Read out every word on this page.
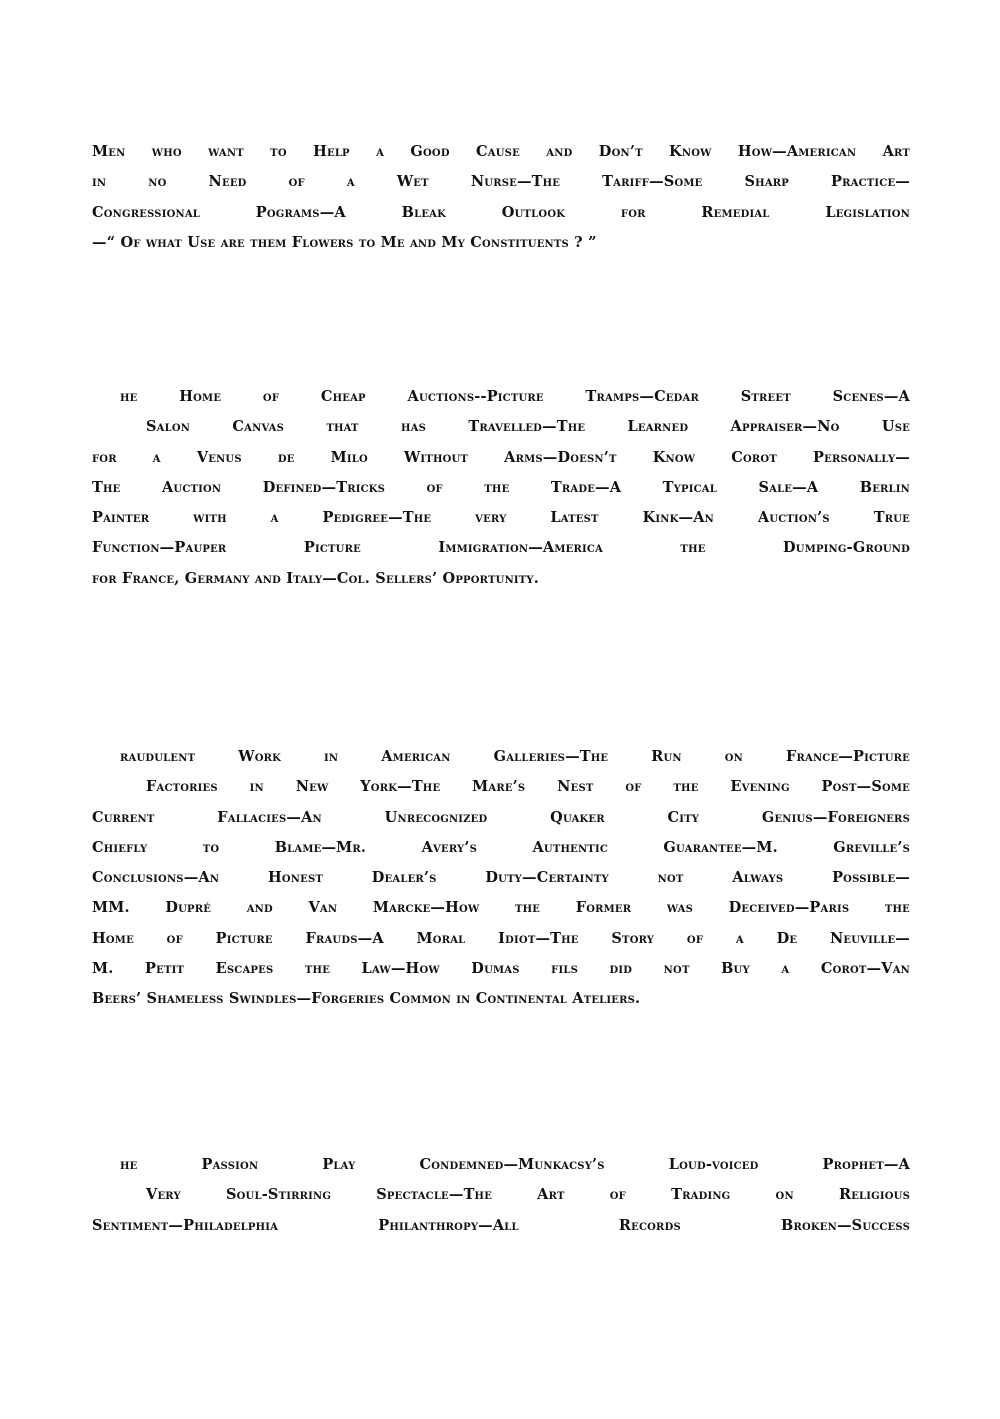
Men who want to Help a Good Cause and Don’t Know How—American Art
in no Need of a Wet Nurse—The Tariff—Some Sharp Practice—
Congressional Pograms—A Bleak Outlook for Remedial Legislation
—“ Of what Use are them Flowers to Me and My Constituents ? ”
he Home of Cheap Auctions--Picture Tramps—Cedar Street Scenes—A
Salon Canvas that has Travelled—The Learned Appraiser—No Use
for a Venus de Milo Without Arms—Doesn’t Know Corot Personally—
The Auction Defined—Tricks of the Trade—A Typical Sale—A Berlin
Painter with a Pedigree—The very Latest Kink—An Auction’s True
Function—Pauper Picture Immigration—America the Dumping-Ground
for France, Germany and Italy—Col. Sellers’ Opportunity.
raudulent Work in American Galleries—The Run on France—Picture
Factories in New York—The Mare’s Nest of the Evening Post—Some
Current Fallacies—An Unrecognized Quaker City Genius—Foreigners
Chiefly to Blame—Mr. Avery’s Authentic Guarantee—M. Greville’s
Conclusions—An Honest Dealer’s Duty—Certainty not Always Possible—
MM. Dupré and Van Marcke—How the Former was Deceived—Paris the
Home of Picture Frauds—A Moral Idiot—The Story of a De Neuville—
M. Petit Escapes the Law—How Dumas fils did not Buy a Corot—Van
Beers’ Shameless Swindles—Forgeries Common in Continental Ateliers.
he Passion Play Condemned—Munkacsy’s Loud-voiced Prophet—A
Very Soul-Stirring Spectacle—The Art of Trading on Religious
Sentiment—Philadelphia Philanthropy—All Records Broken—Success
